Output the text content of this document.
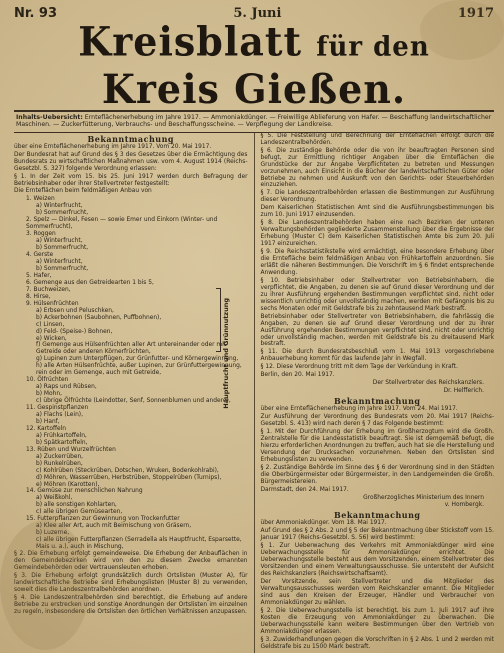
Nr. 93	5. Juni	1917
Kreisblatt für den Kreis Gießen.
Inhalts-Uebersicht: Ernteflächenerhebung im Jahre 1917. — Ammoniakdünger. — Freiwillige Ablieferung von Hafer. — Beschaffung landwirtschaftlicher Maschinen. — Zuckerfütterung, Verbrauchs- und Beschaffungsscheine. — Verpflegung der Landkreise.
Bekanntmachung
über eine Ernteflächenerhebung im Jahre 1917. Vom 20. Mai 1917.
Der Bundesrat hat auf Grund des § 3 des Gesetzes über die Ermächtigung des Bundesrats zu wirtschaftlichen Maßnahmen usw. vom 4. August 1914 (Reichs-Gesetzbl. S. 327) folgende Verordnung erlassen:
§ 1. In der Zeit vom 15. bis 25. Juni 1917 werden durch Befragung der Betriebsinhaber oder ihrer Stellvertreter festgestellt:
Die Ernteflächen beim feldmäßigen Anbau von
1. Weizen
a) Winterfrucht,
b) Sommerfrucht,
2. Spelz — Dinkel, Fesen — sowie Emer und Einkorn (Winter- und Sommerfrucht),
3. Roggen
a) Winterfrucht,
b) Sommerfrucht,
4. Gerste
a) Winterfrucht,
b) Sommerfrucht,
5. Hafer,
6. Gemenge aus den Getreidearten 1 bis 5,
7. Buchweizen,
8. Hirse,
9. Hülsenfrüchten
a) Erbsen und Peluschken,
b) Ackerbohnen (Saubohnen, Puffbohnen),
c) Linsen,
d) Feld- (Speise-) Bohnen,
e) Wicken,
f) Gemenge aus Hülsenfrüchten aller Art untereinander oder mit Getreide oder anderen Körnerfrüchten,
g) Lupinen zum Unterpflügen, zur Grünfutter- und Körnergewinnung,
h) alle Arten Hülsenfrüchte, außer Lupinen, zur Grünfuttergewinnung, rein oder im Gemenge, auch mit Getreide,
10. Ölfrüchten
a) Raps und Rübsen,
b) Mohn,
c) übrige Ölfrüchte (Leindotter, Senf, Sonnenblumen und andere),
11. Gespinstpflanzen
a) Flachs (Lein),
b) Hanf,
12. Kartoffeln
a) Frühkartoffeln,
b) Spätkartoffeln,
13. Rüben und Wurzelfrüchten
a) Zuckerrüben,
b) Runkelrüben,
c) Kohlrüben (Steckrüben, Dotschen, Wruken, Bodenkohlrabi),
d) Möhren, Wasserrüben, Herbstrüben, Stoppelrüben (Turnips),
e) Möhren (Karotten),
14. Gemüse zur menschlichen Nahrung
a) Weißkohl,
b) alle sonstigen Kohlarten,
c) alle übrigen Gemüsearten,
15. Futterpflanzen zur Gewinnung von Trockenfutter
a) Klee aller Art, auch mit Beimischung von Gräsern,
b) Luzerne,
c) alle übrigen Futterpflanzen (Serradella als Hauptfrucht, Esparsette, Mais u. a.), auch in Mischung,
§ 2. Die Erhebung erfolgt gemeindeweise. Die Erhebung der Anbauflächen in den Gemeindebezirken wird von den zu diesem Zwecke ernannten Gemeindebehörden oder Vertrauensleuten erhoben.
§ 3. Die Erhebung erfolgt grundsätzlich durch Ortslisten (Muster A), für landwirtschaftliche Betriebe sind Erhebungslisten (Muster B) zu verwenden, soweit dies die Landeszentralbehörden anordnen.
§ 4. Die Landeszentralbehörden sind berechtigt, die Erhebung auf andere Betriebe zu erstrecken und sonstige Anordnungen der Ortslisten im einzelnen zu regeln, insbesondere die Ortslisten den örtlichen Verhältnissen anzupassen.
§ 5. Die Feststellung und Berechnung der Ernteflächen erfolgt durch die Landeszentralbehörden.
§ 6. Die zuständige Behörde oder die von ihr beauftragten Personen sind befugt, zur Ermittlung richtiger Angaben über die Ernteflächen die Grundstücke der zur Angabe Verpflichteten zu betreten und Messungen vorzunehmen, auch Einsicht in die Bücher der landwirtschaftlichen Güter oder Betriebe zu nehmen und Auskunft von den Gerichts- oder Steuerbehörden einzuziehen.
§ 7. Die Landeszentralbehörden erlassen die Bestimmungen zur Ausführung dieser Verordnung.
Dem Kaiserlichen Statistischen Amt sind die Ausführungsbestimmungen bis zum 10. Juni 1917 einzusenden.
§ 8. Die Landeszentralbehörden haben eine nach Bezirken der unteren Verwaltungsbehörden gegliederte Zusammenstellung über die Ergebnisse der Erhebung (Muster C) dem Kaiserlichen Statistischen Amte bis zum 20. Juli 1917 einzureichen.
§ 9. Die Reichsstatistikstelle wird ermächtigt, eine besondere Erhebung über die Erntefläche beim feldmäßigen Anbau von Frühkartoffeln anzuordnen. Sie erläßt die näheren Bestimmungen. Die Vorschrift im § 6 findet entsprechende Anwendung.
§ 10. Betriebsinhaber oder Stellvertreter von Betriebsinhabern, die verpflichtet, die Angaben, zu denen sie auf Grund dieser Verordnung und der zu ihrer Ausführung ergehenden Bestimmungen verpflichtet sind, nicht oder wissentlich unrichtig oder unvollständig machen, werden mit Gefängnis bis zu sechs Monaten oder mit Geldstrafe bis zu zehntausend Mark bestraft.
Betriebsinhaber oder Stellvertreter von Betriebsinhabern, die fahrlässig die Angaben, zu denen sie auf Grund dieser Verordnung und der zu ihrer Ausführung ergehenden Bestimmungen verpflichtet sind, nicht oder unrichtig oder unvollständig machen, werden mit Geldstrafe bis zu dreitausend Mark bestraft.
§ 11. Die durch Bundesratsbeschluß vom 1. Mai 1913 vorgeschriebene Anbauerhebung kommt für das laufende Jahr in Wegfall.
§ 12. Diese Verordnung tritt mit dem Tage der Verkündung in Kraft.
Berlin, den 20. Mai 1917.
Der Stellvertreter des Reichskanzlers.
Dr. Helfferich.
Bekanntmachung
über eine Ernteflächenerhebung im Jahre 1917. Vom 24. Mai 1917.
Zur Ausführung der Verordnung des Bundesrats vom 20. Mai 1917 (Reichs-Gesetzbl. S. 413) wird nach deren § 7 das Folgende bestimmt:
§ 1. Mit der Durchführung der Erhebung im Großherzogtum wird die Großh. Zentralstelle für die Landesstatistik beauftragt. Sie ist demgemäß befugt, die hierzu erforderlichen Anordnungen zu treffen, auch hat sie die Herstellung und Versendung der Drucksachen vorzunehmen. Neben den Ortslisten sind Erhebungslisten zu verwenden.
§ 2. Zuständige Behörde im Sinne des § 6 der Verordnung sind in den Städten die Oberbürgermeister oder Bürgermeister, in den Landgemeinden die Großh. Bürgermeistereien.
Darmstadt, den 24. Mai 1917.
Großherzogliches Ministerium des Innern
v. Hombergk.
Bekanntmachung
über Ammoniakdünger. Vom 18. Mai 1917.
Auf Grund des § 2 Abs. 2 und § 5 der Bekanntmachung über Stickstoff vom 15. Januar 1917 (Reichs-Gesetzbl. S. 56) wird bestimmt:
§ 1. Zur Ueberwachung des Verkehrs mit Ammoniakdünger wird eine Ueberwachungsstelle für Ammoniakdünger errichtet. Die Ueberwachungsstelle besteht aus dem Vorsitzenden, einem Stellvertreter des Vorsitzenden und einem Verwaltungsausschusse. Sie untersteht der Aufsicht des Reichskanzlers (Reichswirtschaftsamt).
Der Vorsitzende, sein Stellvertreter und die Mitglieder des Verwaltungsausschusses werden vom Reichskanzler ernannt. Die Mitglieder sind aus den Kreisen der Erzeuger, Händler und Verbraucher von Ammoniakdünger zu wählen.
§ 2. Die Ueberwachungsstelle ist berechtigt, bis zum 1. Juli 1917 auf ihre Kosten die Erzeugung von Ammoniakdünger zu überwachen. Die Ueberwachungsstelle kann weitere Bestimmungen über den Vertrieb von Ammoniakdünger erlassen.
§ 3. Zuwiderhandlungen gegen die Vorschriften in § 2 Abs. 1 und 2 werden mit Geldstrafe bis zu 1500 Mark bestraft.
Hauptfrucht und Grünnutzung
